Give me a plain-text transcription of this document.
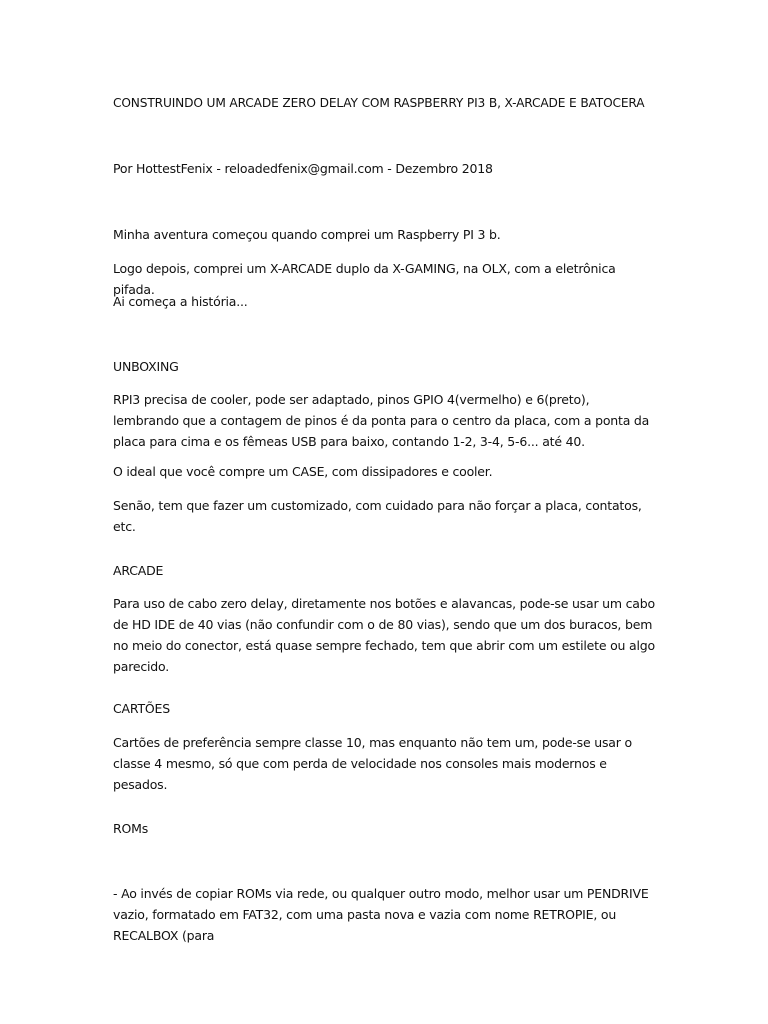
CONSTRUINDO UM ARCADE ZERO DELAY COM RASPBERRY PI3 B, X-ARCADE E BATOCERA

Por HottestFenix - reloadedfenix@gmail.com - Dezembro 2018

Minha aventura começou quando comprei um Raspberry PI 3 b.

Logo depois, comprei um X-ARCADE duplo da X-GAMING, na OLX, com a eletrônica pifada.

Ai começa a história...

UNBOXING

RPI3 precisa de cooler, pode ser adaptado, pinos GPIO 4(vermelho) e 6(preto), lembrando que a contagem de pinos é da ponta para o centro da placa, com a ponta da placa para cima e os fêmeas USB para baixo, contando 1-2, 3-4, 5-6... até 40.

O ideal que você compre um CASE, com dissipadores e cooler.

Senão, tem que fazer um customizado, com cuidado para não forçar a placa, contatos, etc.

ARCADE

Para uso de cabo zero delay, diretamente nos botões e alavancas, pode-se usar um cabo de HD IDE de 40 vias (não confundir com o de 80 vias), sendo que um dos buracos, bem no meio do conector, está quase sempre fechado, tem que abrir com um estilete ou algo parecido.

CARTÕES

Cartões de preferência sempre classe 10, mas enquanto não tem um, pode-se usar o classe 4 mesmo, só que com perda de velocidade nos consoles mais modernos e pesados.

ROMs

- Ao invés de copiar ROMs via rede, ou qualquer outro modo, melhor usar um PENDRIVE vazio, formatado em FAT32, com uma pasta nova e vazia com nome RETROPIE, ou RECALBOX (para
